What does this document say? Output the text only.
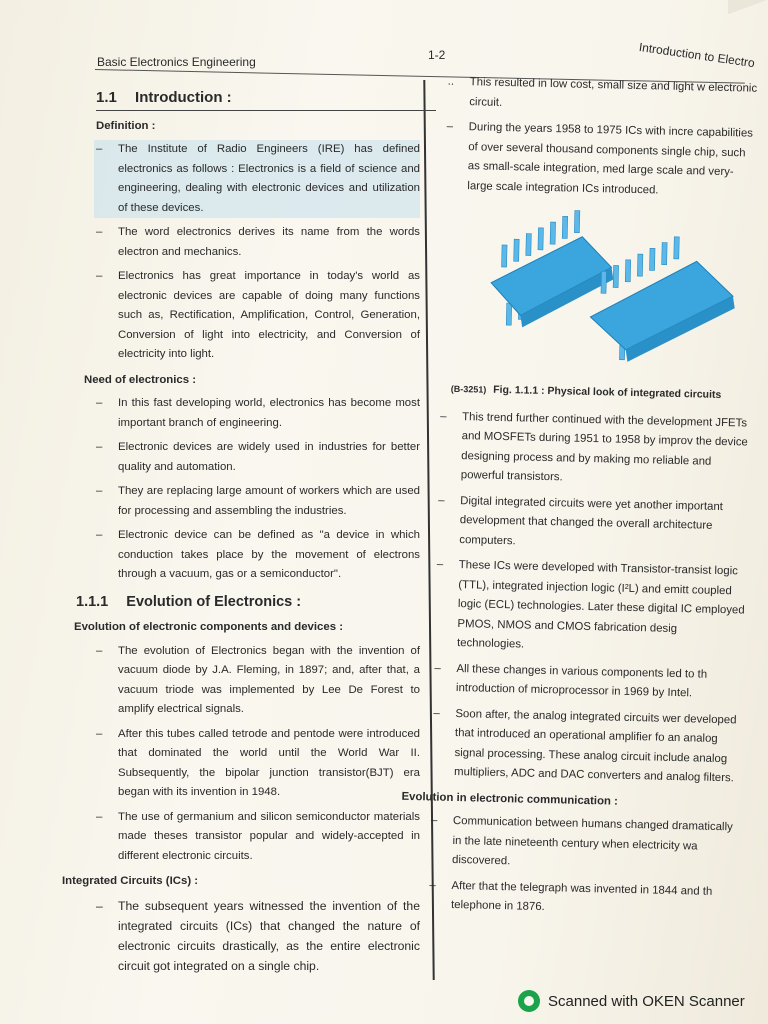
Basic Electronics Engineering	1-2	Introduction to Electro
1.1 Introduction :
Definition :
– The Institute of Radio Engineers (IRE) has defined electronics as follows : Electronics is a field of science and engineering, dealing with electronic devices and utilization of these devices.
– The word electronics derives its name from the words electron and mechanics.
– Electronics has great importance in today's world as electronic devices are capable of doing many functions such as, Rectification, Amplification, Control, Generation, Conversion of light into electricity, and Conversion of electricity into light.
Need of electronics :
– In this fast developing world, electronics has become most important branch of engineering.
– Electronic devices are widely used in industries for better quality and automation.
– They are replacing large amount of workers which are used for processing and assembling the industries.
– Electronic device can be defined as "a device in which conduction takes place by the movement of electrons through a vacuum, gas or a semiconductor".
1.1.1 Evolution of Electronics :
Evolution of electronic components and devices :
– The evolution of Electronics began with the invention of vacuum diode by J.A. Fleming, in 1897; and, after that, a vacuum triode was implemented by Lee De Forest to amplify electrical signals.
– After this tubes called tetrode and pentode were introduced that dominated the world until the World War II. Subsequently, the bipolar junction transistor(BJT) era began with its invention in 1948.
– The use of germanium and silicon semiconductor materials made theses transistor popular and widely-accepted in different electronic circuits.
Integrated Circuits (ICs) :
– The subsequent years witnessed the invention of the integrated circuits (ICs) that changed the nature of electronic circuits drastically, as the entire electronic circuit got integrated on a single chip.
.. This resulted in low cost, small size and light w electronic circuit.
– During the years 1958 to 1975 ICs with incre capabilities of over several thousand components single chip, such as small-scale integration, med large scale and very-large scale integration ICs introduced.
(B-3251) Fig. 1.1.1 : Physical look of integrated circuits
– This trend further continued with the development JFETs and MOSFETs during 1951 to 1958 by improv the device designing process and by making mo reliable and powerful transistors.
– Digital integrated circuits were yet another important development that changed the overall architecture computers.
– These ICs were developed with Transistor-transist logic (TTL), integrated injection logic (I²L) and emitt coupled logic (ECL) technologies. Later these digital IC employed PMOS, NMOS and CMOS fabrication desig technologies.
– All these changes in various components led to th introduction of microprocessor in 1969 by Intel.
– Soon after, the analog integrated circuits wer developed that introduced an operational amplifier fo an analog signal processing. These analog circuit include analog multipliers, ADC and DAC converters and analog filters.
Evolution in electronic communication :
– Communication between humans changed dramatically in the late nineteenth century when electricity wa discovered.
– After that the telegraph was invented in 1844 and th telephone in 1876.
Scanned with OKEN Scanner
